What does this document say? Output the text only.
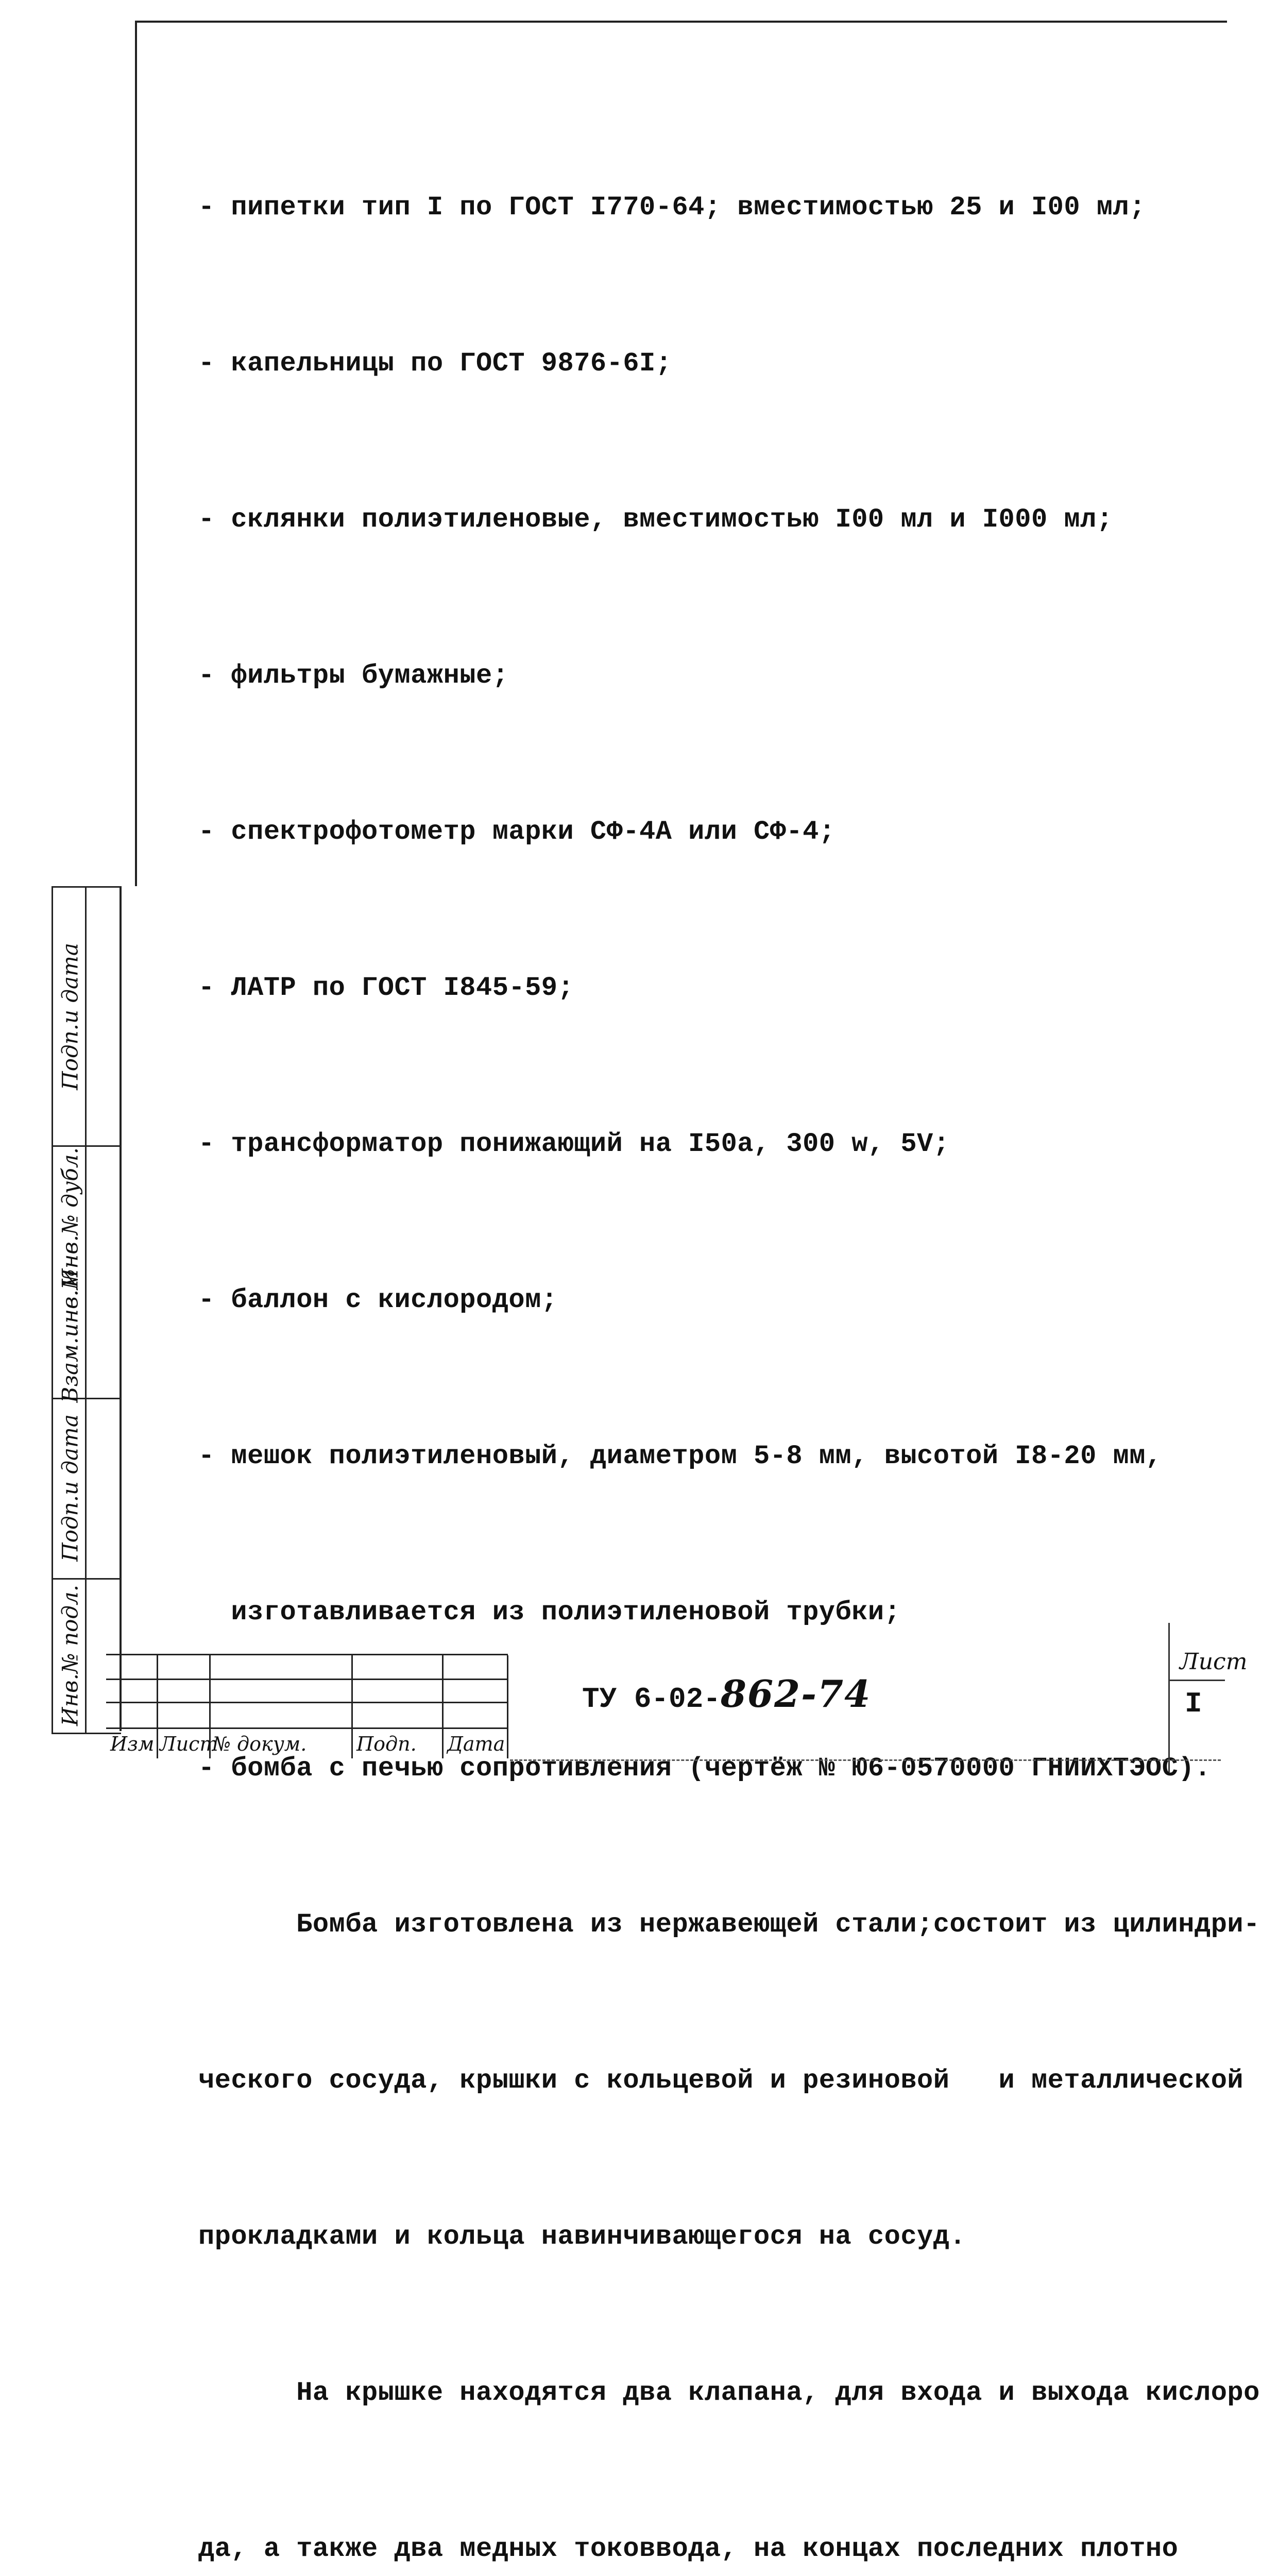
- пипетки тип I по ГОСТ I770-64; вместимостью 25 и I00 мл;

- капельницы по ГОСТ 9876-6I;

- склянки полиэтиленовые, вместимостью I00 мл и I000 мл;

- фильтры бумажные;

- спектрофотометр марки СФ-4А или СФ-4;

- ЛАТР по ГОСТ I845-59;

- трансформатор понижающий на I50а, 300 w, 5V;

- баллон с кислородом;

- мешок полиэтиленовый, диаметром 5-8 мм, высотой I8-20 мм,

изготавливается из полиэтиленовой трубки;

- бомба с печью сопротивления (чертёж № Ю6-0570000 ГНИИХТЭОС).

Бомба изготовлена из нержавеющей стали;состоит из цилиндри-

ческого сосуда, крышки с кольцевой и резиновой   и металлической

прокладками и кольца навинчивающегося на сосуд.

На крышке находятся два клапана, для входа и выхода кислоро

да, а также два медных токоввода, на концах последних плотно

Подп.и дата
Инв.№ дубл.
Взам.инв.№
Подп.и дата
Инв.№ подл.
Изм Лист
№ докум.	Подп. Дата
ТУ 6-02-862-74
Лист
I
